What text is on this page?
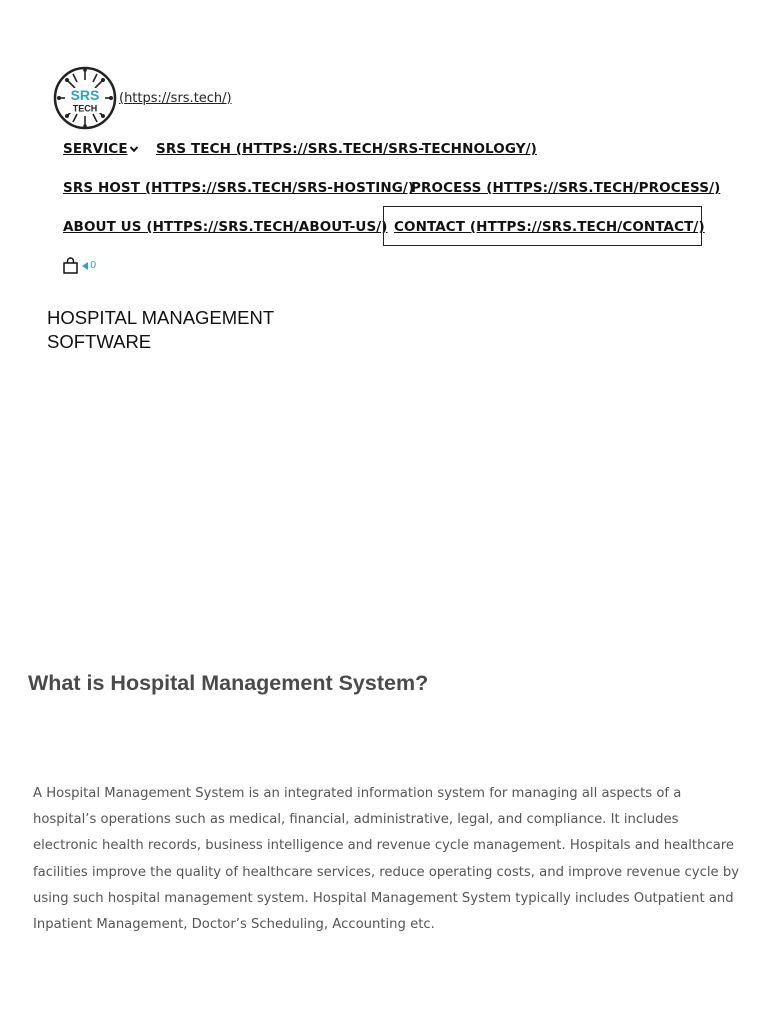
SRS
TECH
(https://srs.tech/)
SERVICE	SRS TECH (HTTPS://SRS.TECH/SRS-TECHNOLOGY/)
SRS HOST (HTTPS://SRS.TECH/SRS-HOSTING/)
PROCESS (HTTPS://SRS.TECH/PROCESS/)
ABOUT US (HTTPS://SRS.TECH/ABOUT-US/) CONTACT (HTTPS://SRS.TECH/CONTACT/)
0
HOSPITAL MANAGEMENT
SOFTWARE
What is Hospital Management System?

A Hospital Management System is an integrated information system for managing all aspects of a hospital’s operations such as medical, financial, administrative, legal, and compliance. It includes electronic health records, business intelligence and revenue cycle management. Hospitals and healthcare facilities improve the quality of healthcare services, reduce operating costs, and improve revenue cycle by using such hospital management system. Hospital Management System typically includes Outpatient and Inpatient Management, Doctor’s Scheduling, Accounting etc.
